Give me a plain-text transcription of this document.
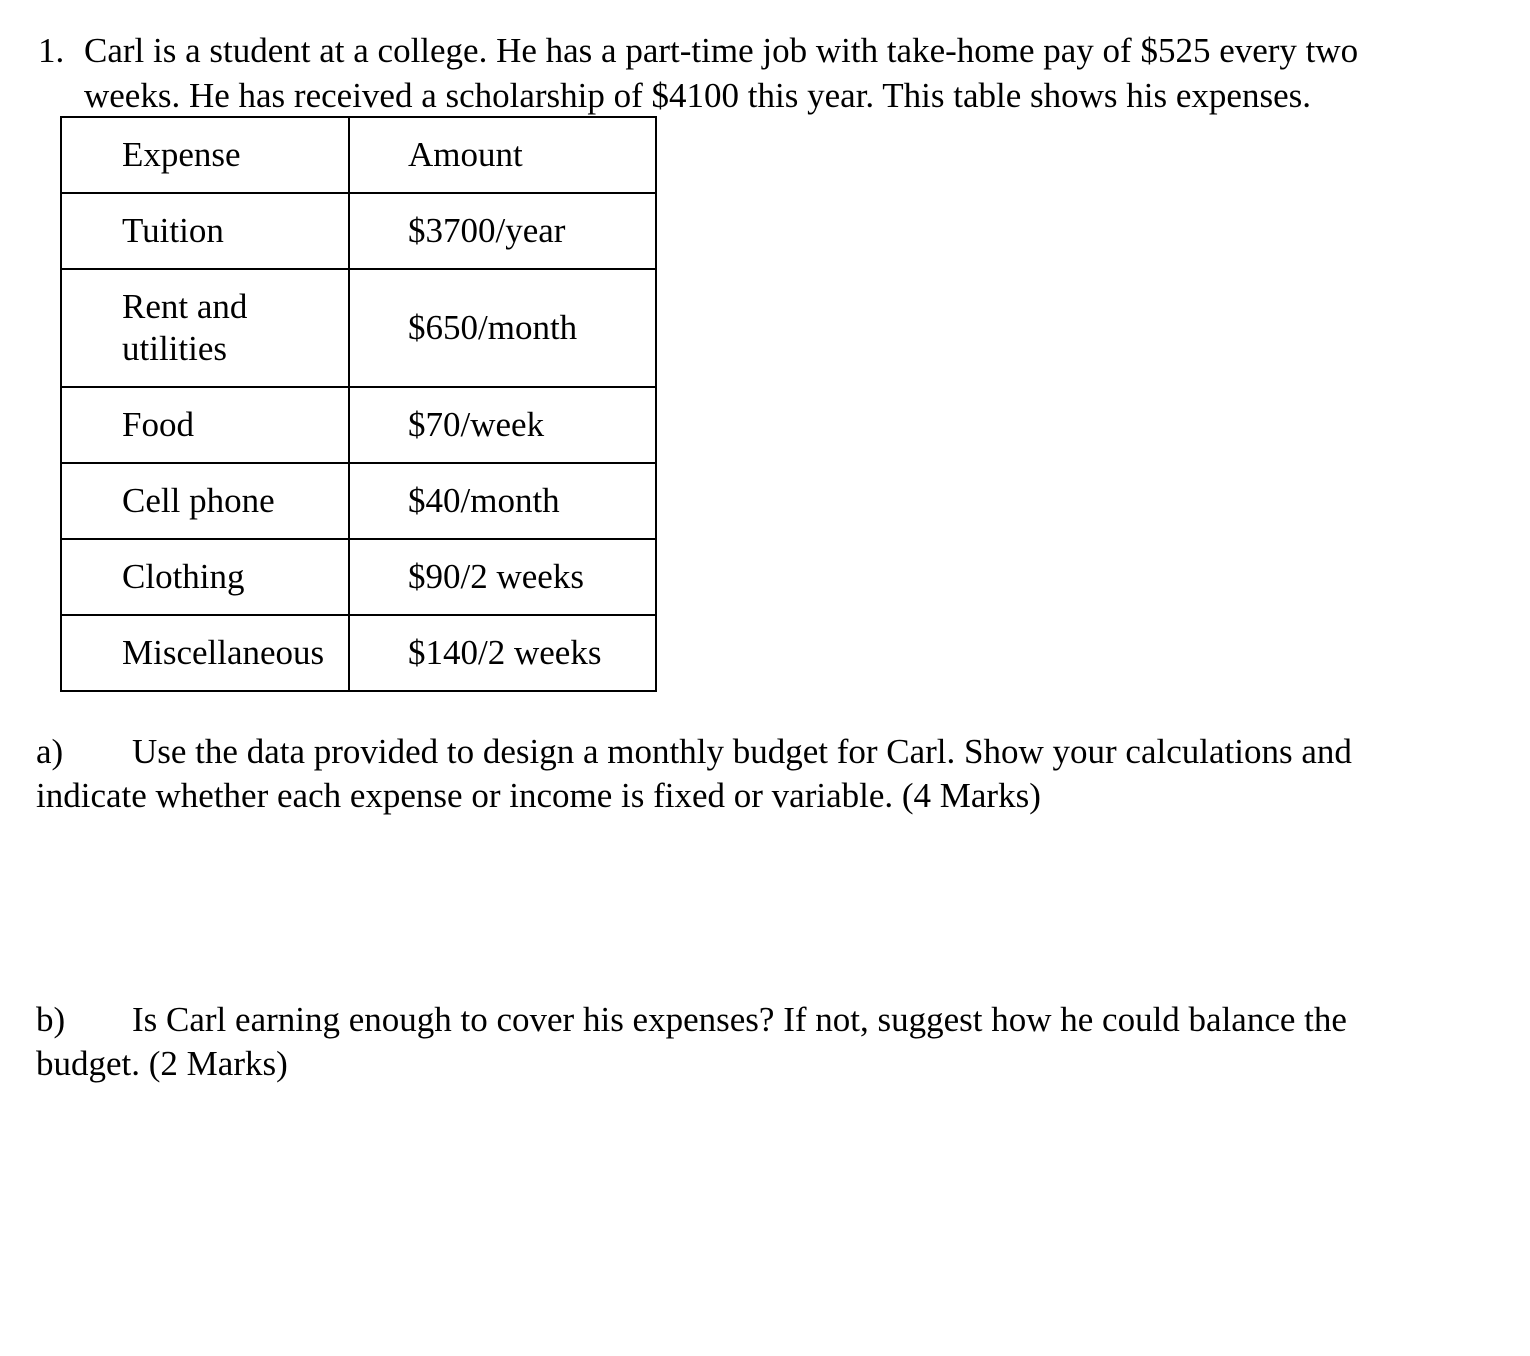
1. Carl is a student at a college. He has a part-time job with take-home pay of $525 every two
weeks. He has received a scholarship of $4100 this year. This table shows his expenses.
Expense	Amount
Tuition	$3700/year

Rent and
utilities	$650/month
Food	$70/week
Cell phone	$40/month
Clothing	$90/2 weeks
Miscellaneous	$140/2 weeks
a) Use the data provided to design a monthly budget for Carl. Show your calculations and
indicate whether each expense or income is fixed or variable. (4 Marks)
b) Is Carl earning enough to cover his expenses? If not, suggest how he could balance the
budget. (2 Marks)
